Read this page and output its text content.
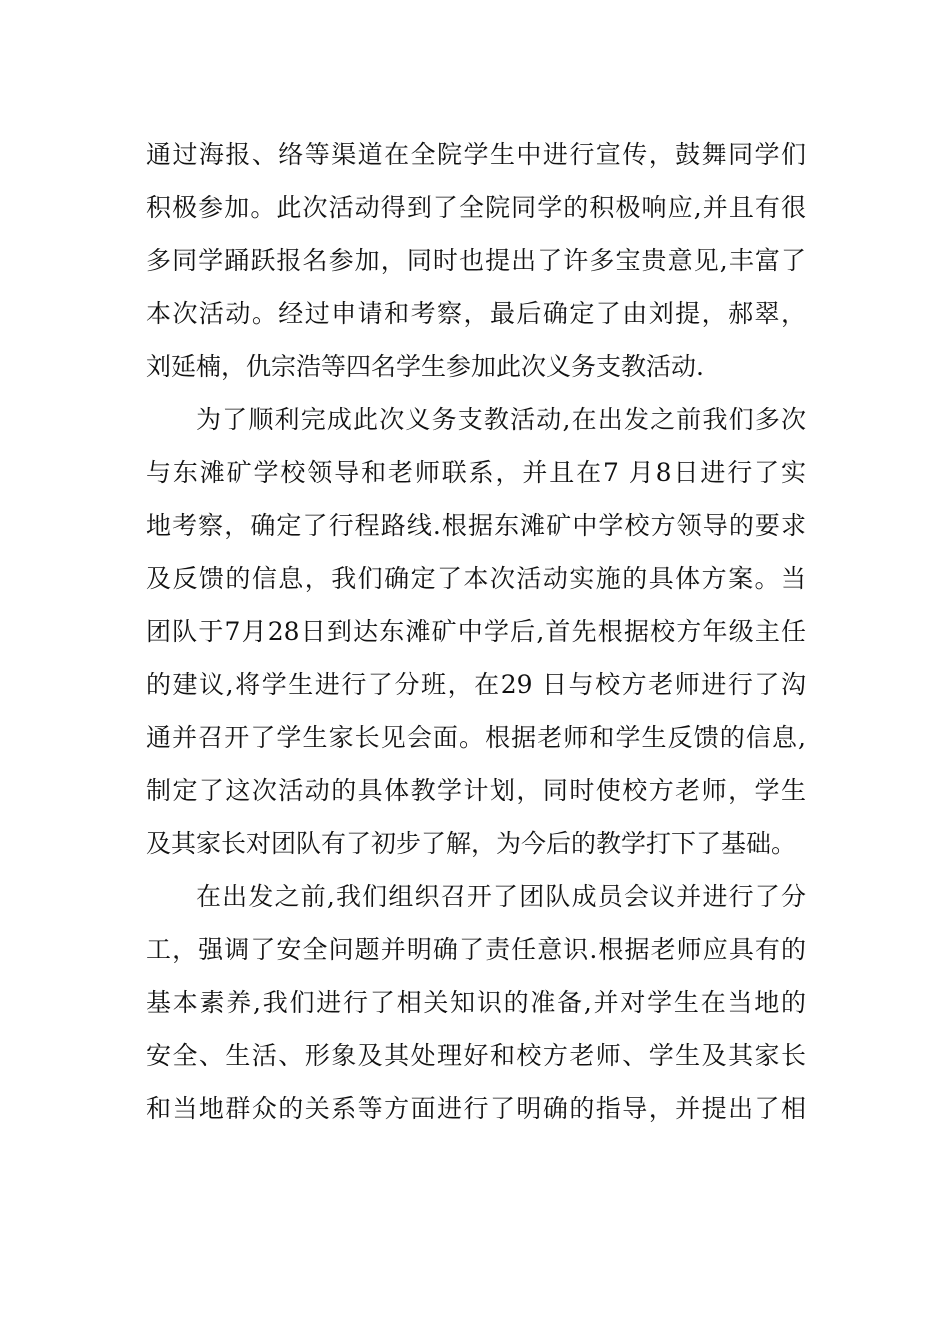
通过海报、络等渠道在全院学生中进行宣传，鼓舞同学们
积极参加。此次活动得到了全院同学的积极响应,并且有很
多同学踊跃报名参加，同时也提出了许多宝贵意见,丰富了
本次活动。经过申请和考察，最后确定了由刘提，郝翠，
刘延楠，仇宗浩等四名学生参加此次义务支教活动.
为了顺利完成此次义务支教活动,在出发之前我们多次
与东滩矿学校领导和老师联系，并且在7 月8日进行了实
地考察，确定了行程路线.根据东滩矿中学校方领导的要求
及反馈的信息，我们确定了本次活动实施的具体方案。当
团队于7月28日到达东滩矿中学后,首先根据校方年级主任
的建议,将学生进行了分班，在29 日与校方老师进行了沟
通并召开了学生家长见会面。根据老师和学生反馈的信息,
制定了这次活动的具体教学计划，同时使校方老师，学生
及其家长对团队有了初步了解，为今后的教学打下了基础。
在出发之前,我们组织召开了团队成员会议并进行了分
工，强调了安全问题并明确了责任意识.根据老师应具有的
基本素养,我们进行了相关知识的准备,并对学生在当地的
安全、生活、形象及其处理好和校方老师、学生及其家长
和当地群众的关系等方面进行了明确的指导，并提出了相
